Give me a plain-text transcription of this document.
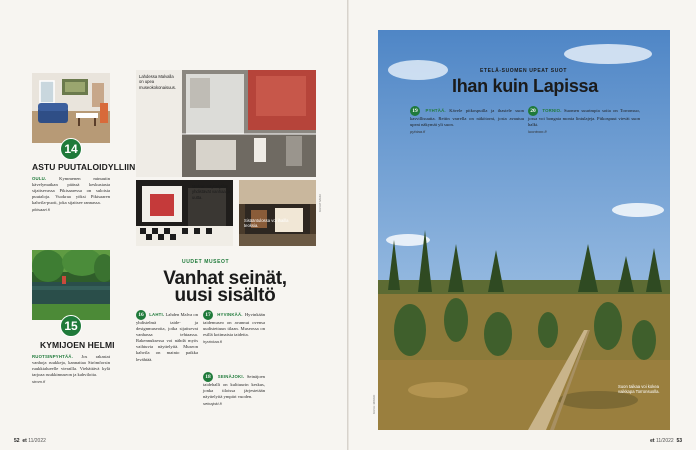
14
ASTU PUUTALOIDYLLIIN
OULU.	Kymmenen minuutin kävelymatkan päässä keskustasta sijaitsevassa Pikisaaressa on suloisia puutaloja. Vuokraa yöksi Pikisaaren kahvila-puoti, joka sijaitsee rannassa.
pikisaari.fi
15
KYMIJOEN HELMI
RUOTSINPYHTÄÄ. Jos rakastat vanhoja ruukkeja, kannattaa Strömforsin ruukkialueelle vierailla. Viehättävä kylä tarjoaa ruukkimuseon ja kahviloita.
strom.fi
Lahdessa Malvalla on upea museokokonaisuus.
Malvan näyttelytilat yhdistävät vanhaa ja uutta.
Sisääntulossa voi ihailla teoksia.
KUVAT MAKI
UUDET MUSEOT
Vanhat seinät,
uusi sisältö
16 LAHTI. Lahden Malva on yhdistelmä taide- ja designmuseoita, jotka sijaitsevat vanhassa tehtaassa. Rakennuksessa voi nähdä myös vaihtuvia näyttelyitä. Museon kahvila on mainio paikka levähtää.
17 HYVINKÄÄ. Hyvinkään taidemuseo on avannut ovensa uudistettuun tilaan. Museossa on esillä kotimaista taidetta.
hyvinkaa.fi
18 SEINÄJOKI. Seinäjoen taidehalli on kulttuurin keskus, jonka tiloissa järjestetään näyttelyitä ympäri vuoden.
seinajoki.fi
52 et 11/2022
ETELÄ-SUOMEN UPEAT SUOT
Ihan kuin Lapissa
19 PYHTÄÄ. Kävele pitkospuilla ja ihastele suon kasvillisuutta. Reitin varrella on näkötorni, josta avautuu upeat näkymät yli suon.
pyhtaa.fi
20 TORNIO. Suomen suurimpia soita on Torronsuo, jossa voi bongata monia lintulajeja. Pitkospuut vievät suon halki.
luontoon.fi
Suon taikaa voi kokea vaikkapa Torronsuolla.
KUVA: MIKKO
et 11/2022 53
